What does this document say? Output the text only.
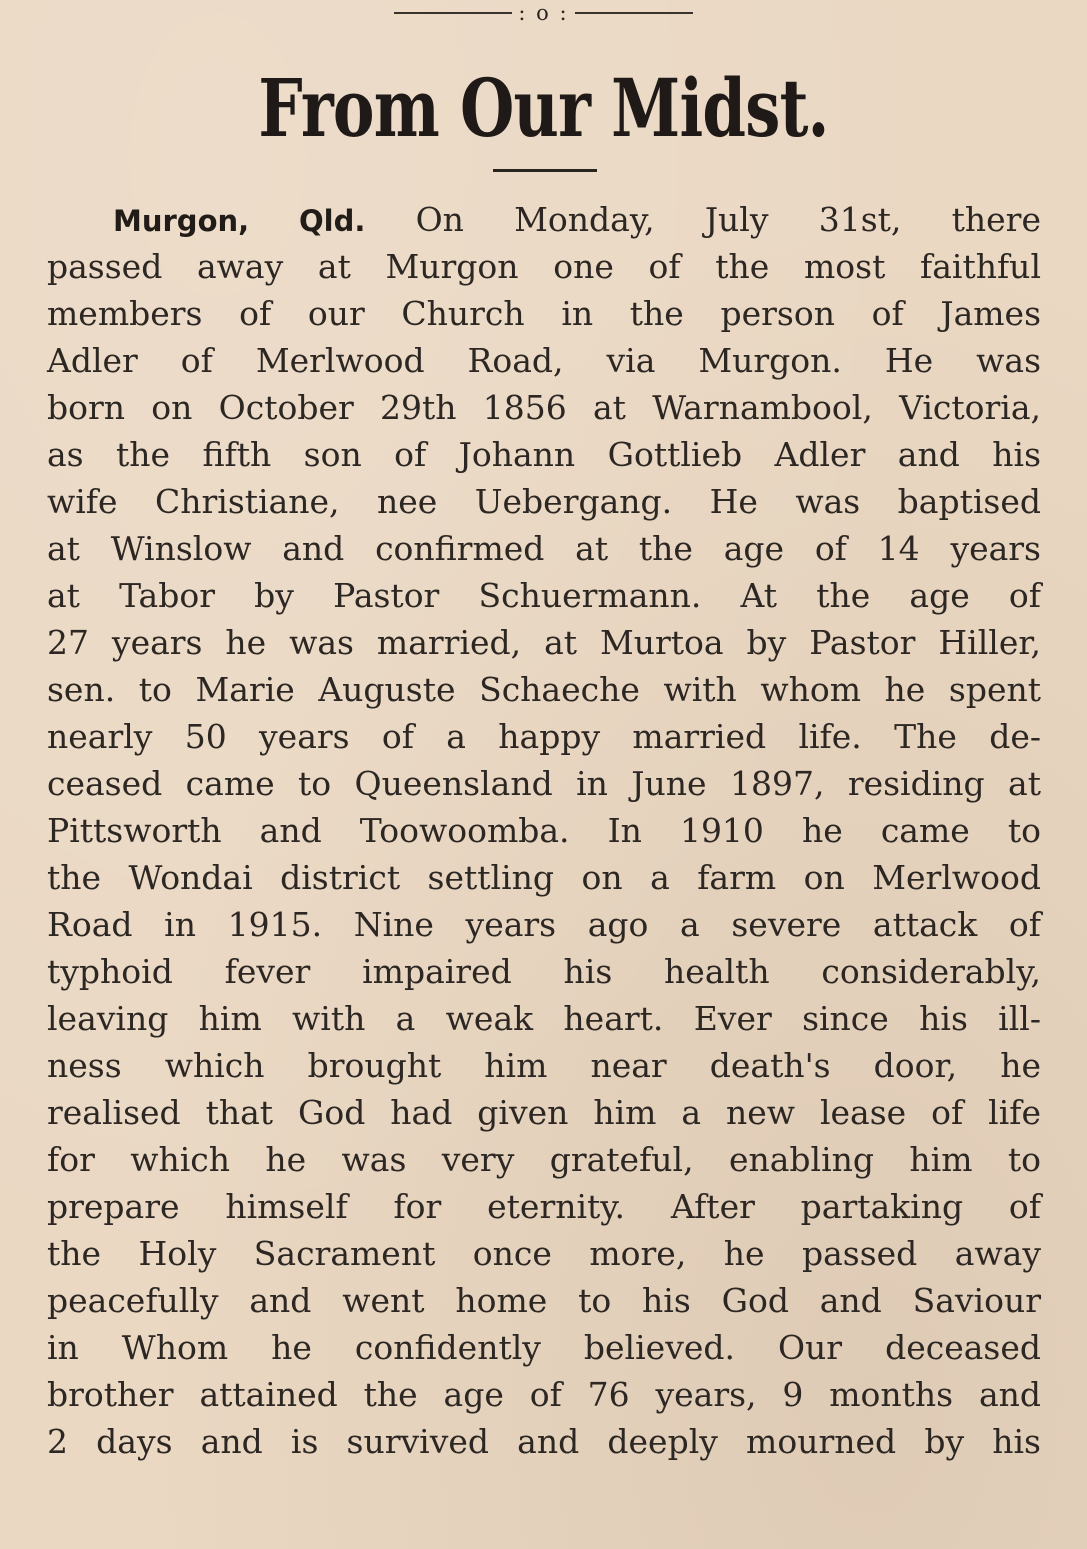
: o :
From Our Midst.
Murgon, Qld. On Monday, July 31st, there
passed away at Murgon one of the most faithful
members of our Church in the person of James
Adler of Merlwood Road, via Murgon. He was
born on October 29th 1856 at Warnambool, Victoria,
as the fifth son of Johann Gottlieb Adler and his
wife Christiane, nee Uebergang. He was baptised
at Winslow and confirmed at the age of 14 years
at Tabor by Pastor Schuermann. At the age of
27 years he was married, at Murtoa by Pastor Hiller,
sen. to Marie Auguste Schaeche with whom he spent
nearly 50 years of a happy married life. The de-
ceased came to Queensland in June 1897, residing at
Pittsworth and Toowoomba. In 1910 he came to
the Wondai district settling on a farm on Merlwood
Road in 1915. Nine years ago a severe attack of
typhoid fever impaired his health considerably,
leaving him with a weak heart. Ever since his ill-
ness which brought him near death's door, he
realised that God had given him a new lease of life
for which he was very grateful, enabling him to
prepare himself for eternity. After partaking of
the Holy Sacrament once more, he passed away
peacefully and went home to his God and Saviour
in Whom he confidently believed. Our deceased
brother attained the age of 76 years, 9 months and
2 days and is survived and deeply mourned by his
